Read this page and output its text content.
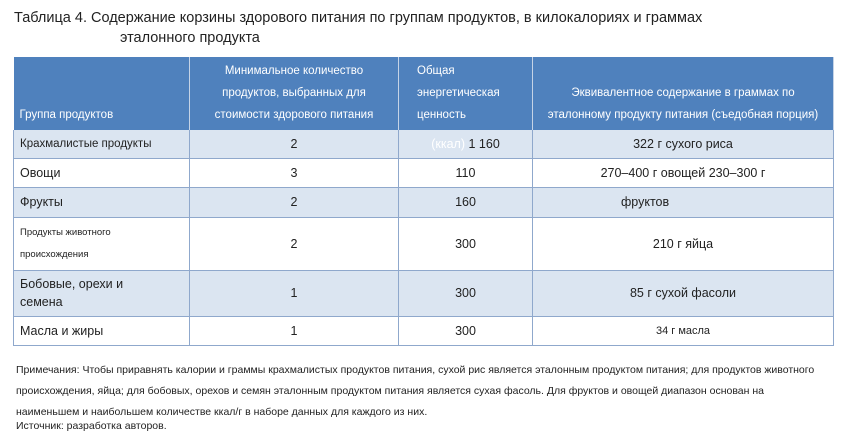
Таблица 4. Содержание корзины здорового питания по группам продуктов, в килокалориях и граммах
эталонного продукта
Группа продуктов	Минимальное количество продуктов, выбранных для стоимости здорового питания	Общая энергетическая ценность	Эквивалентное содержание в граммах по эталонному продукту питания (съедобная порция)
Крахмалистые продукты	2	(ккал) 1 160	322 г сухого риса
Овощи	3	110	270–400 г овощей 230–300 г
Фрукты	2	160	фруктов
Продукты животного происхождения	2	300	210 г яйца
Бобовые, орехи и семена	1	300	85 г сухой фасоли
Масла и жиры	1	300	34 г масла
Примечания: Чтобы приравнять калории и граммы крахмалистых продуктов питания, сухой рис является эталонным продуктом питания; для продуктов животного происхождения, яйца; для бобовых, орехов и семян эталонным продуктом питания является сухая фасоль. Для фруктов и овощей диапазон основан на наименьшем и наибольшем количестве ккал/г в наборе данных для каждого из них.
Источник: разработка авторов.
